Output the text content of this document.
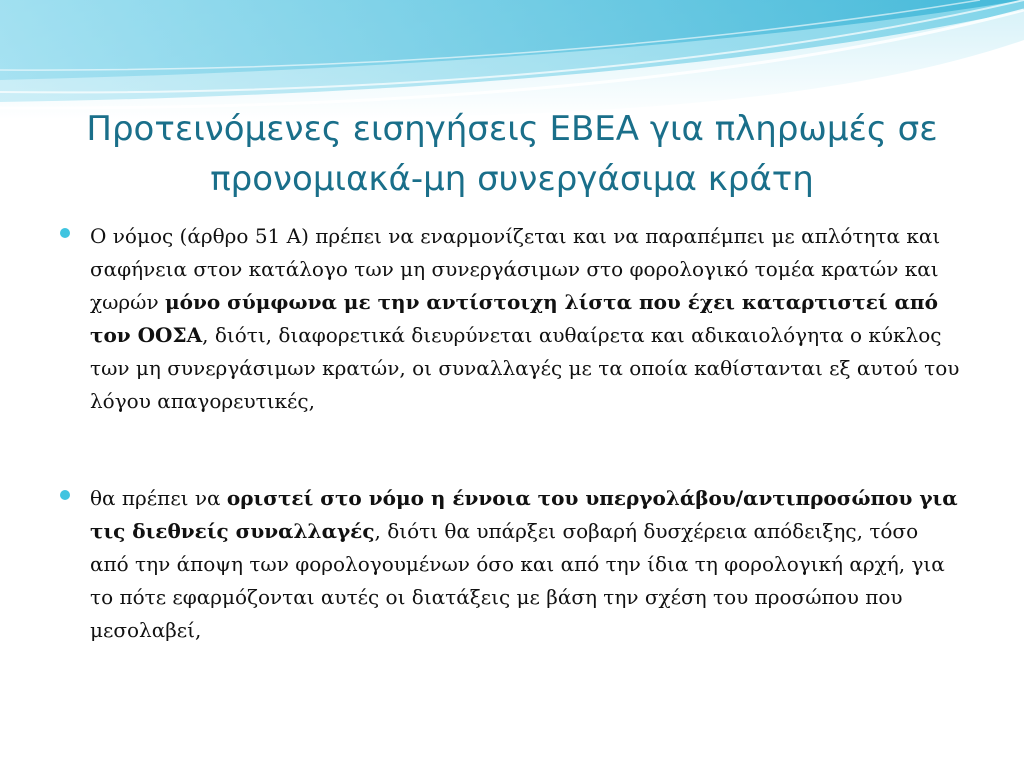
Προτεινόμενες εισηγήσεις ΕΒΕΑ για πληρωμές σε προνομιακά-μη συνεργάσιμα κράτη
Ο νόμος (άρθρο 51 Α) πρέπει να εναρμονίζεται και να παραπέμπει με απλότητα και σαφήνεια στον κατάλογο των μη συνεργάσιμων στο φορολογικό τομέα κρατών και χωρών μόνο σύμφωνα με την αντίστοιχη λίστα που έχει καταρτιστεί από τον ΟΟΣΑ, διότι, διαφορετικά διευρύνεται αυθαίρετα και αδικαιολόγητα ο κύκλος των μη συνεργάσιμων κρατών, οι συναλλαγές με τα οποία καθίστανται εξ αυτού του λόγου απαγορευτικές,
θα πρέπει να οριστεί στο νόμο η έννοια του υπεργολάβου/αντιπροσώπου για τις διεθνείς συναλλαγές, διότι θα υπάρξει σοβαρή δυσχέρεια απόδειξης, τόσο από την άποψη των φορολογουμένων όσο και από την ίδια τη φορολογική αρχή, για το πότε εφαρμόζονται αυτές οι διατάξεις με βάση την σχέση του προσώπου που μεσολαβεί,
